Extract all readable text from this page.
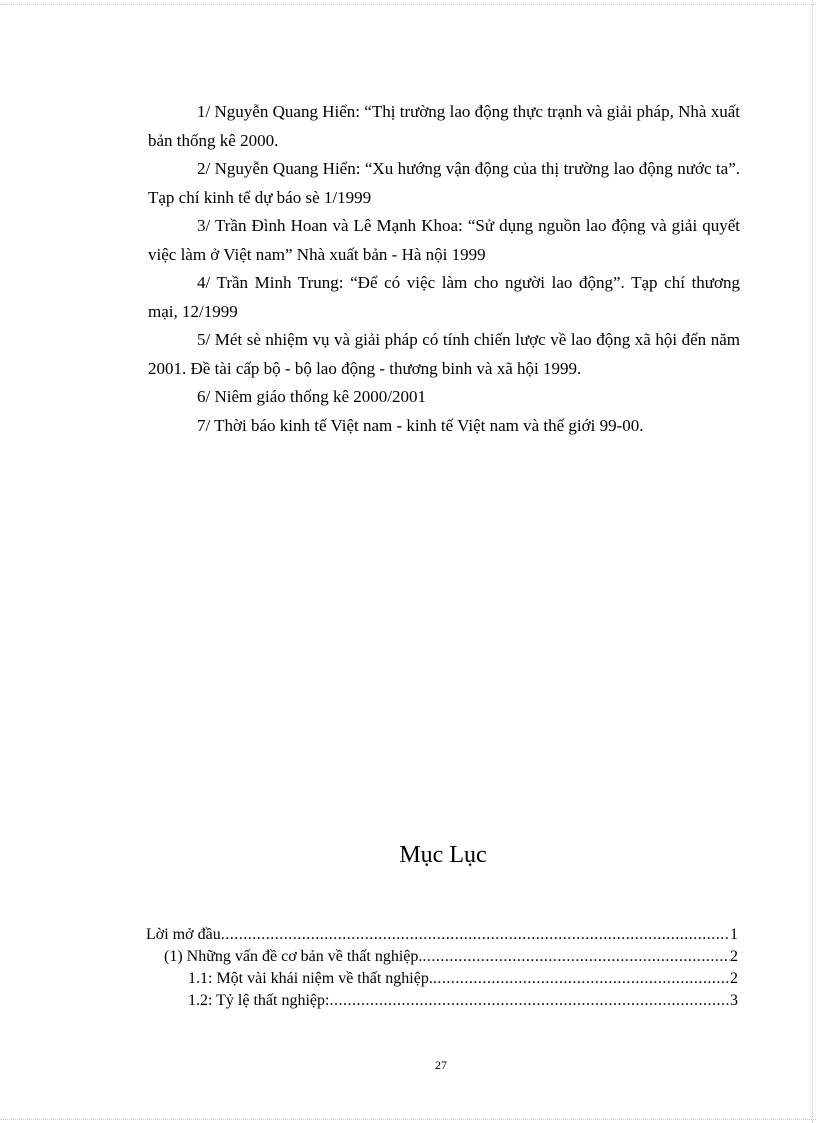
1/ Nguyễn Quang Hiển: “Thị trường lao động thực trạnh và giải pháp, Nhà xuất bản thống kê 2000.

2/ Nguyễn Quang Hiển: “Xu hướng vận động của thị trường lao động nước ta”. Tạp chí kinh tế dự báo sè 1/1999

3/ Trần Đình Hoan và Lê Mạnh Khoa: “Sử dụng nguồn lao động và giải quyết việc làm ở Việt nam” Nhà xuất bản - Hà nội 1999

4/ Trần Minh Trung: “Để có việc làm cho người lao động”. Tạp chí thương mại, 12/1999

5/ Mét sè nhiệm vụ và giải pháp có tính chiến lược về lao động xã hội đến năm 2001. Đề tài cấp bộ - bộ lao động - thương binh và xã hội 1999.

6/ Niêm giáo thống kê 2000/2001

7/ Thời báo kinh tế Việt nam - kinh tế Việt nam và thế giới 99-00.

Mục Lục
Lời mở đầu .....	1
(1) Những vấn đề cơ bản về thất nghiệp. .....	2
1.1: Một vài khái niệm về thất nghiệp. .....	2
1.2: Tỷ lệ thất nghiệp: .....	3
27
